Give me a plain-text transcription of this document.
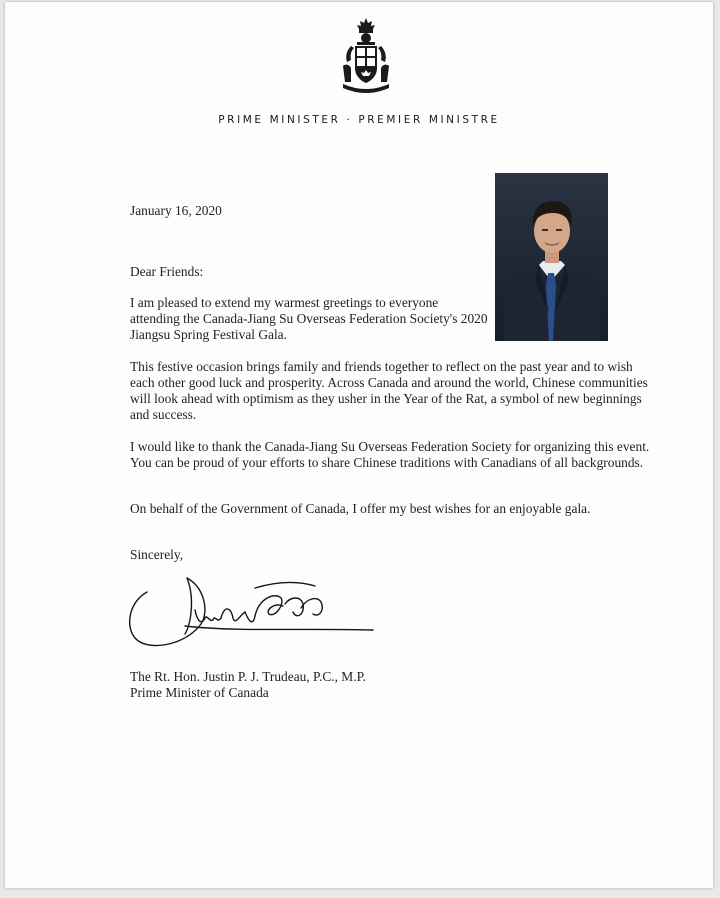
PRIME MINISTER · PREMIER MINISTRE

January 16, 2020

Dear Friends:

I am pleased to extend my warmest greetings to everyone attending the Canada-Jiang Su Overseas Federation Society's 2020 Jiangsu Spring Festival Gala.

This festive occasion brings family and friends together to reflect on the past year and to wish each other good luck and prosperity. Across Canada and around the world, Chinese communities will look ahead with optimism as they usher in the Year of the Rat, a symbol of new beginnings and success.

I would like to thank the Canada-Jiang Su Overseas Federation Society for organizing this event. You can be proud of your efforts to share Chinese traditions with Canadians of all backgrounds.

On behalf of the Government of Canada, I offer my best wishes for an enjoyable gala.

Sincerely,

The Rt. Hon. Justin P. J. Trudeau, P.C., M.P.

Prime Minister of Canada
